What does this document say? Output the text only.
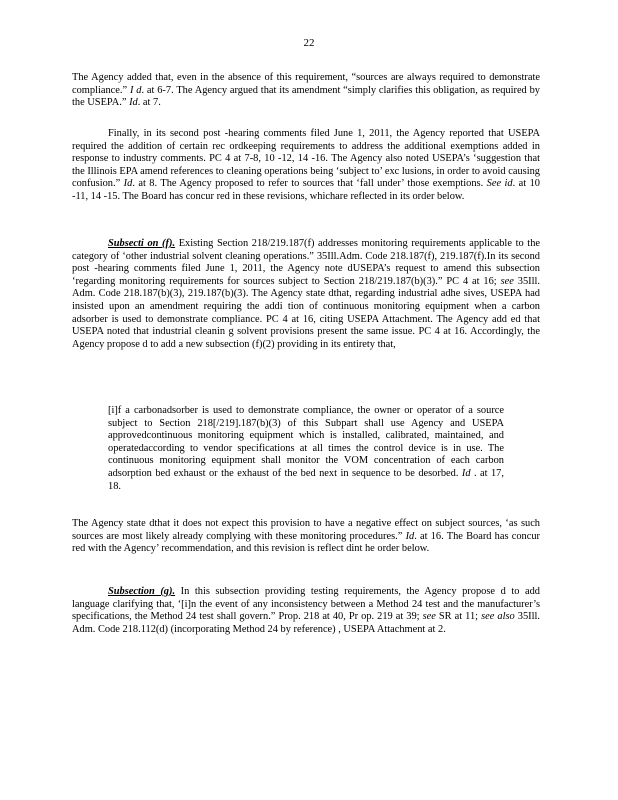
22

The Agency added that, even in the absence of this requirement, “sources are always required to demonstrate compliance.” I d. at 6-7. The Agency argued that its amendment “simply clarifies this obligation, as required by the USEPA.” Id. at 7.

Finally, in its second post -hearing comments filed June 1, 2011, the Agency reported that USEPA required the addition of certain rec ordkeeping requirements to address the additional exemptions added in response to industry comments. PC 4 at 7-8, 10 -12, 14 -16. The Agency also noted USEPA’s ‘suggestion that the Illinois EPA amend references to cleaning operations being ‘subject to’ exc lusions, in order to avoid causing confusion.” Id. at 8. The Agency proposed to refer to sources that ‘fall under’ those exemptions. See id. at 10 -11, 14 -15. The Board has concur red in these revisions, whichare reflected in its order below.

Subsecti on (f). Existing Section 218/219.187(f) addresses monitoring requirements applicable to the category of ‘other industrial solvent cleaning operations.” 35Ill.Adm. Code 218.187(f), 219.187(f).In its second post -hearing comments filed June 1, 2011, the Agency note dUSEPA’s request to amend this subsection ‘regarding monitoring requirements for sources subject to Section 218/219.187(b)(3).” PC 4 at 16; see 35Ill. Adm. Code 218.187(b)(3), 219.187(b)(3). The Agency state dthat, regarding industrial adhe sives, USEPA had insisted upon an amendment requiring the addi tion of continuous monitoring equipment when a carbon adsorber is used to demonstrate compliance. PC 4 at 16, citing USEPA Attachment. The Agency add ed that USEPA noted that industrial cleanin g solvent provisions present the same issue. PC 4 at 16. Accordingly, the Agency propose d to add a new subsection (f)(2) providing in its entirety that,

[i]f a carbonadsorber is used to demonstrate compliance, the owner or operator of a source subject to Section 218[/219].187(b)(3) of this Subpart shall use Agency and USEPA approvedcontinuous monitoring equipment which is installed, calibrated, maintained, and operatedaccording to vendor specifications at all times the control device is in use. The continuous monitoring equipment shall monitor the VOM concentration of each carbon adsorption bed exhaust or the exhaust of the bed next in sequence to be desorbed. Id . at 17, 18.

The Agency state dthat it does not expect this provision to have a negative effect on subject sources, ‘as such sources are most likely already complying with these monitoring procedures.” Id. at 16. The Board has concur red with the Agency’ recommendation, and this revision is reflect dint he order below.

Subsection (g). In this subsection providing testing requirements, the Agency propose d to add language clarifying that, ‘[i]n the event of any inconsistency between a Method 24 test and the manufacturer’s specifications, the Method 24 test shall govern.” Prop. 218 at 40, Pr op. 219 at 39; see SR at 11; see also 35Ill. Adm. Code 218.112(d) (incorporating Method 24 by reference) , USEPA Attachment at 2.
